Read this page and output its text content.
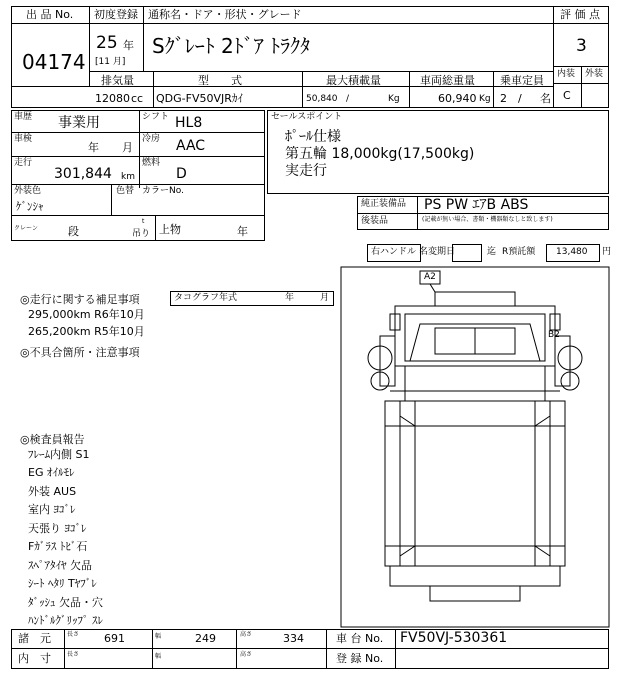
出 品 No.
04174
初度登録
25 年
[11 月]
通称名・ドア・形状・グレード
Sｸﾞﾚｰﾄ 2ﾄﾞｱ ﾄﾗｸﾀ
評 価 点
3
内装 外装
C
排気量
12080 cc
型　　式
QDG-FV50VJRｶｲ
最大積載量
50,840 /	Kg
車両総重量
60,940 Kg
乗車定員
2 / 名
車歴 事業用	シフト HL8
車検
年 月
冷房 AAC
走行
301,844 km
燃料
D
外装色
ｹﾞﾝｼｬ
色替 カラーNo.
クレーン	段
t
吊り 上物	年
セールスポイント
ﾎﾟｰﾙ仕様
第五輪 18,000kg(17,500kg)
実走行
純正装備品 PS PW ｴｱB ABS
後装品	(記載が無い場合、書類・機器類なしと致します)
右ハンドル 名変期日	迄 R預託額 13,480 円
◎走行に関する補足事項	タコグラフ年式	年	月
295,000km R6年10月
265,200km R5年10月
◎不具合箇所・注意事項
◎検査員報告
ﾌﾚｰﾑ内側 S1
EG ｵｲﾙﾓﾚ
外装 AUS
室内 ﾖｺﾞﾚ
天張り ﾖｺﾞﾚ
Fｶﾞﾗｽ ﾄﾋﾞ石
ｽﾍﾟｱﾀｲﾔ 欠品
ｼｰﾄ ﾍﾀﾘ Tﾔﾌﾞﾚ
ﾀﾞｯｼｭ 欠品・穴
ﾊﾝﾄﾞﾙｸﾞﾘｯﾌﾟ ｽﾚ
A2
B2
諸　元	長さ 691	幅	249	高さ	334	車 台 No. FV50VJ-530361
内　寸	長さ	幅	高さ	登 録 No.
